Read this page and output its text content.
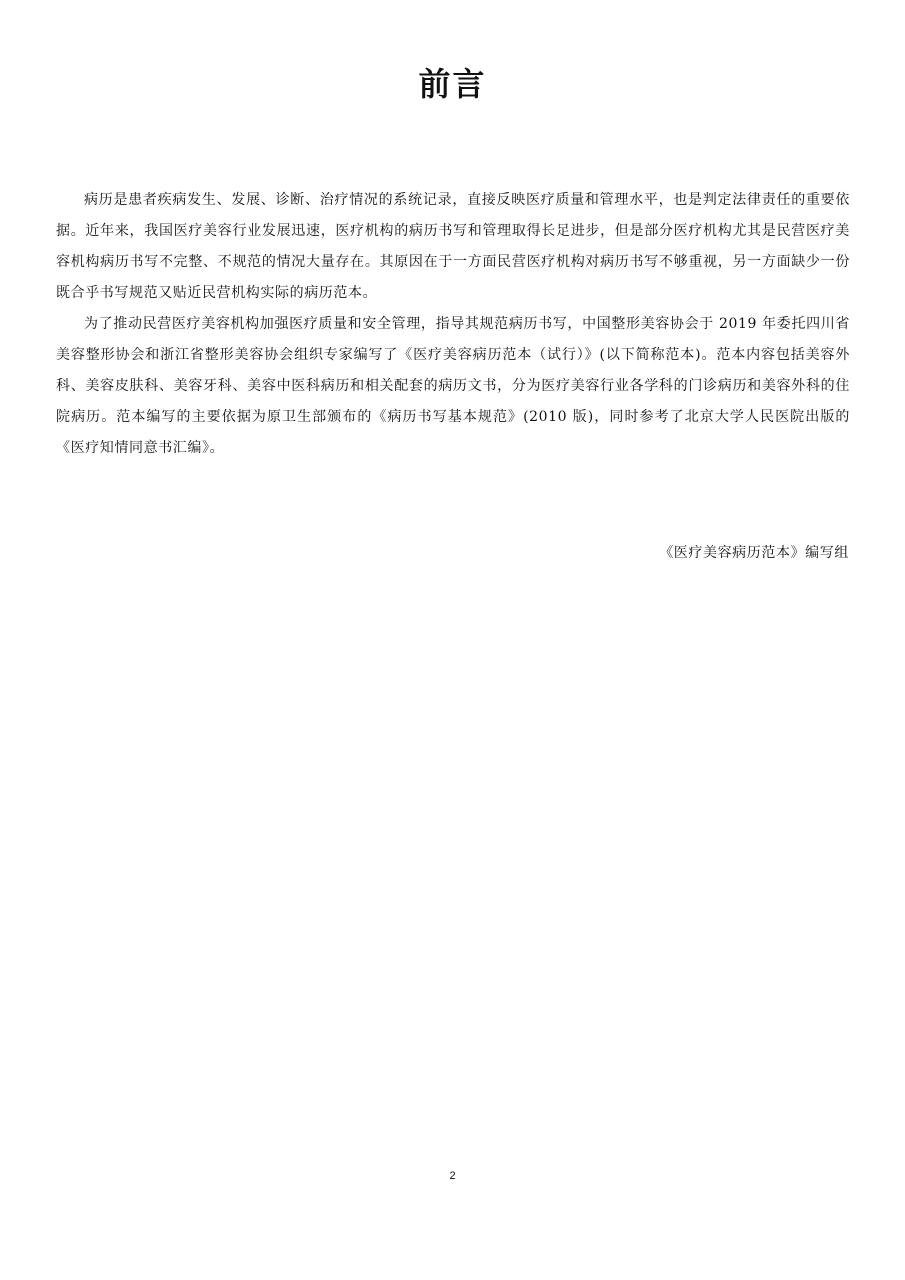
前言

病历是患者疾病发生、发展、诊断、治疗情况的系统记录，直接反映医疗质量和管理水平，也是判定法律责任的重要依据。近年来，我国医疗美容行业发展迅速，医疗机构的病历书写和管理取得长足进步，但是部分医疗机构尤其是民营医疗美容机构病历书写不完整、不规范的情况大量存在。其原因在于一方面民营医疗机构对病历书写不够重视，另一方面缺少一份既合乎书写规范又贴近民营机构实际的病历范本。

为了推动民营医疗美容机构加强医疗质量和安全管理，指导其规范病历书写，中国整形美容协会于 2019 年委托四川省美容整形协会和浙江省整形美容协会组织专家编写了《医疗美容病历范本（试行）》(以下简称范本)。范本内容包括美容外科、美容皮肤科、美容牙科、美容中医科病历和相关配套的病历文书，分为医疗美容行业各学科的门诊病历和美容外科的住院病历。范本编写的主要依据为原卫生部颁布的《病历书写基本规范》(2010 版)，同时参考了北京大学人民医院出版的《医疗知情同意书汇编》。

《医疗美容病历范本》编写组

2
